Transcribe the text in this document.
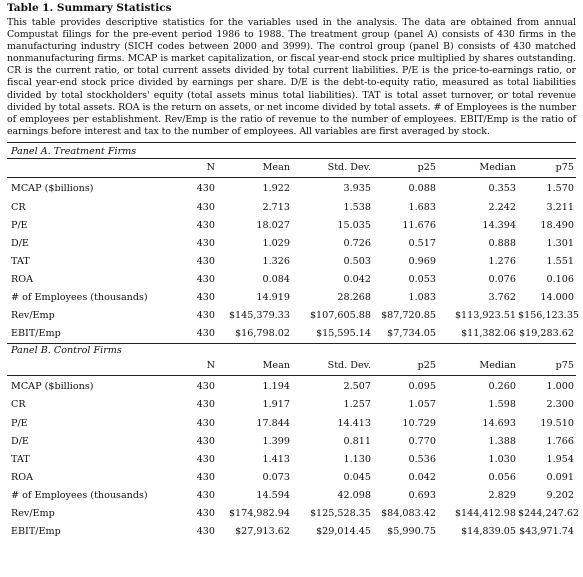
Table 1. Summary Statistics

This table provides descriptive statistics for the variables used in the analysis. The data are obtained from annual Compustat filings for the pre-event period 1986 to 1988. The treatment group (panel A) consists of 430 firms in the manufacturing industry (SICH codes between 2000 and 3999). The control group (panel B) consists of 430 matched nonmanufacturing firms. MCAP is market capitalization, or fiscal year-end stock price multiplied by shares outstanding. CR is the current ratio, or total current assets divided by total current liabilities. P/E is the price-to-earnings ratio, or fiscal year-end stock price divided by earnings per share. D/E is the debt-to-equity ratio, measured as total liabilities divided by total stockholders' equity (total assets minus total liabilities). TAT is total asset turnover, or total revenue divided by total assets. ROA is the return on assets, or net income divided by total assets. # of Employees is the number of employees per establishment. Rev/Emp is the ratio of revenue to the number of employees. EBIT/Emp is the ratio of earnings before interest and tax to the number of employees. All variables are first averaged by stock.

Panel A. Treatment Firms
	N	Mean	Std. Dev.	p25	Median	p75
MCAP ($billions)	430	1.922	3.935	0.088	0.353	1.570
CR	430	2.713	1.538	1.683	2.242	3.211
P/E	430	18.027	15.035	11.676	14.394	18.490
D/E	430	1.029	0.726	0.517	0.888	1.301
TAT	430	1.326	0.503	0.969	1.276	1.551
ROA	430	0.084	0.042	0.053	0.076	0.106
# of Employees (thousands)	430	14.919	28.268	1.083	3.762	14.000
Rev/Emp	430	$145,379.33	$107,605.88	$87,720.85	$113,923.51	$156,123.35
EBIT/Emp	430	$16,798.02	$15,595.14	$7,734.05	$11,382.06	$19,283.62
Panel B. Control Firms
	N	Mean	Std. Dev.	p25	Median	p75
MCAP ($billions)	430	1.194	2.507	0.095	0.260	1.000
CR	430	1.917	1.257	1.057	1.598	2.300
P/E	430	17.844	14.413	10.729	14.693	19.510
D/E	430	1.399	0.811	0.770	1.388	1.766
TAT	430	1.413	1.130	0.536	1.030	1.954
ROA	430	0.073	0.045	0.042	0.056	0.091
# of Employees (thousands)	430	14.594	42.098	0.693	2.829	9.202
Rev/Emp	430	$174,982.94	$125,528.35	$84,083.42	$144,412.98	$244,247.62
EBIT/Emp	430	$27,913.62	$29,014.45	$5,990.75	$14,839.05	$43,971.74
